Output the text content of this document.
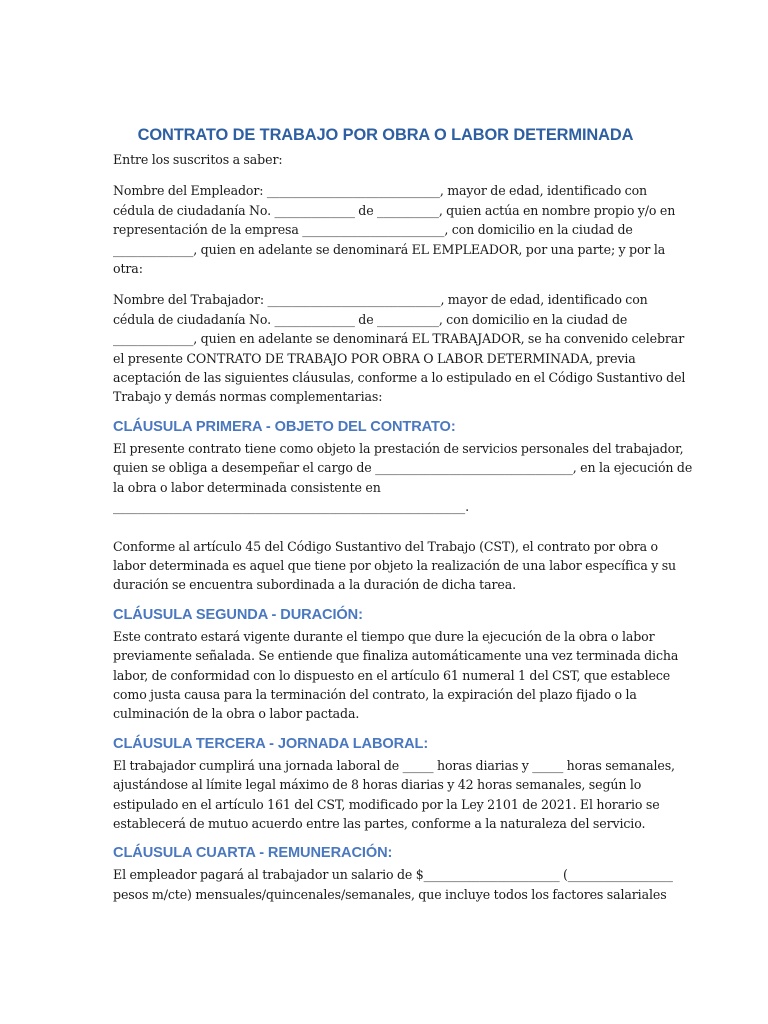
CONTRATO DE TRABAJO POR OBRA O LABOR DETERMINADA

Entre los suscritos a saber:

Nombre del Empleador: ____________________________, mayor de edad, identificado con
cédula de ciudadanía No. _____________ de __________, quien actúa en nombre propio y/o en
representación de la empresa _______________________, con domicilio en la ciudad de
_____________, quien en adelante se denominará EL EMPLEADOR, por una parte; y por la
otra:

Nombre del Trabajador: ____________________________, mayor de edad, identificado con
cédula de ciudadanía No. _____________ de __________, con domicilio en la ciudad de
_____________, quien en adelante se denominará EL TRABAJADOR, se ha convenido celebrar
el presente CONTRATO DE TRABAJO POR OBRA O LABOR DETERMINADA, previa
aceptación de las siguientes cláusulas, conforme a lo estipulado en el Código Sustantivo del
Trabajo y demás normas complementarias:

CLÁUSULA PRIMERA - OBJETO DEL CONTRATO:

El presente contrato tiene como objeto la prestación de servicios personales del trabajador,
quien se obliga a desempeñar el cargo de ________________________________, en la ejecución de
la obra o labor determinada consistente en
_________________________________________________________.

Conforme al artículo 45 del Código Sustantivo del Trabajo (CST), el contrato por obra o
labor determinada es aquel que tiene por objeto la realización de una labor específica y su
duración se encuentra subordinada a la duración de dicha tarea.

CLÁUSULA SEGUNDA - DURACIÓN:

Este contrato estará vigente durante el tiempo que dure la ejecución de la obra o labor
previamente señalada. Se entiende que finaliza automáticamente una vez terminada dicha
labor, de conformidad con lo dispuesto en el artículo 61 numeral 1 del CST, que establece
como justa causa para la terminación del contrato, la expiración del plazo fijado o la
culminación de la obra o labor pactada.

CLÁUSULA TERCERA - JORNADA LABORAL:

El trabajador cumplirá una jornada laboral de _____ horas diarias y _____ horas semanales,
ajustándose al límite legal máximo de 8 horas diarias y 42 horas semanales, según lo
estipulado en el artículo 161 del CST, modificado por la Ley 2101 de 2021. El horario se
establecerá de mutuo acuerdo entre las partes, conforme a la naturaleza del servicio.

CLÁUSULA CUARTA - REMUNERACIÓN:

El empleador pagará al trabajador un salario de $______________________ (_________________
pesos m/cte) mensuales/quincenales/semanales, que incluye todos los factores salariales
